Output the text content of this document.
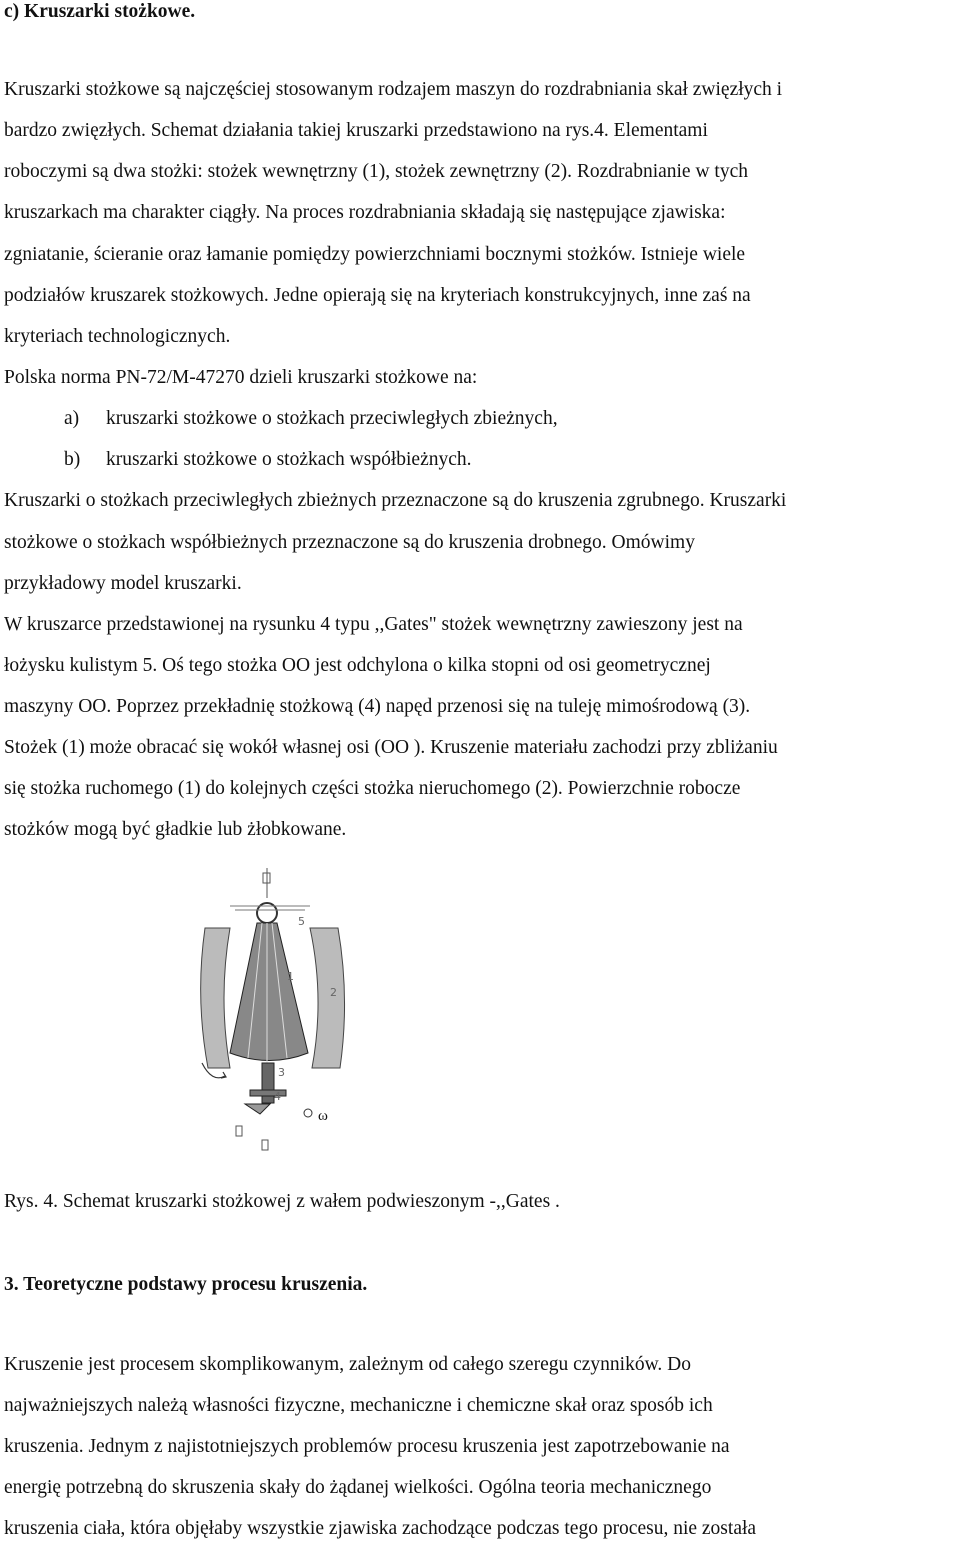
c) Kruszarki stożkowe.
Kruszarki stożkowe są najczęściej stosowanym rodzajem maszyn do rozdrabniania skał zwięzłych i
bardzo zwięzłych. Schemat działania takiej kruszarki przedstawiono na rys.4. Elementami
roboczymi są dwa stożki: stożek wewnętrzny (1), stożek zewnętrzny (2). Rozdrabnianie w tych
kruszarkach ma charakter ciągły. Na proces rozdrabniania składają się następujące zjawiska:
zgniatanie, ścieranie oraz łamanie pomiędzy powierzchniami bocznymi stożków. Istnieje wiele
podziałów kruszarek stożkowych. Jedne opierają się na kryteriach konstrukcyjnych, inne zaś na
kryteriach technologicznych.
Polska norma PN-72/M-47270 dzieli kruszarki stożkowe na:
a) kruszarki stożkowe o stożkach przeciwległych zbieżnych,
b) kruszarki stożkowe o stożkach współbieżnych.
Kruszarki o stożkach przeciwległych zbieżnych przeznaczone są do kruszenia zgrubnego. Kruszarki
stożkowe o stożkach współbieżnych przeznaczone są do kruszenia drobnego. Omówimy
przykładowy model kruszarki.
W kruszarce przedstawionej na rysunku 4 typu ,,Gates" stożek wewnętrzny zawieszony jest na
łożysku kulistym 5. Oś tego stożka OO jest odchylona o kilka stopni od osi geometrycznej
maszyny OO. Poprzez przekładnię stożkową (4) napęd przenosi się na tuleję mimośrodową (3).
Stożek (1) może obracać się wokół własnej osi (OO ). Kruszenie materiału zachodzi przy zbliżaniu
się stożka ruchomego (1) do kolejnych części stożka nieruchomego (2). Powierzchnie robocze
stożków mogą być gładkie lub żłobkowane.
ω
5
1
2
3
4
Rys. 4. Schemat kruszarki stożkowej z wałem podwieszonym -,,Gates .
3. Teoretyczne podstawy procesu kruszenia.
Kruszenie jest procesem skomplikowanym, zależnym od całego szeregu czynników. Do
najważniejszych należą własności fizyczne, mechaniczne i chemiczne skał oraz sposób ich
kruszenia. Jednym z najistotniejszych problemów procesu kruszenia jest zapotrzebowanie na
energię potrzebną do skruszenia skały do żądanej wielkości. Ogólna teoria mechanicznego
kruszenia ciała, która objęłaby wszystkie zjawiska zachodzące podczas tego procesu, nie została
